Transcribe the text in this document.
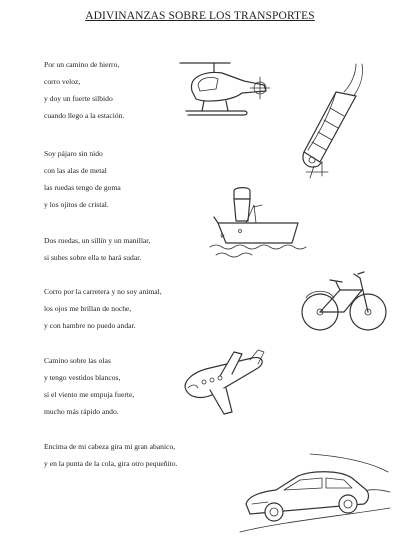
ADIVINANZAS SOBRE LOS TRANSPORTES
Por un camino de hierro,
corro veloz,
y doy un fuerte silbido
cuando llego a la estación.
Soy pájaro sin nido
con las alas de metal
las ruedas tengo de goma
y los ojitos de cristal.
Dos ruedas, un sillín y un manillar,
si subes sobre ella te hará sudar.
Corro por la carretera y no soy animal,
los ojos me brillan de noche,
y con hambre no puedo andar.
Camino sobre las olas
y tengo vestidos blancos,
si el viento me empuja fuerte,
mucho más rápido ando.
Encima de mi cabeza gira mi gran abanico,
y en la punta de la cola, gira otro pequeñito.
